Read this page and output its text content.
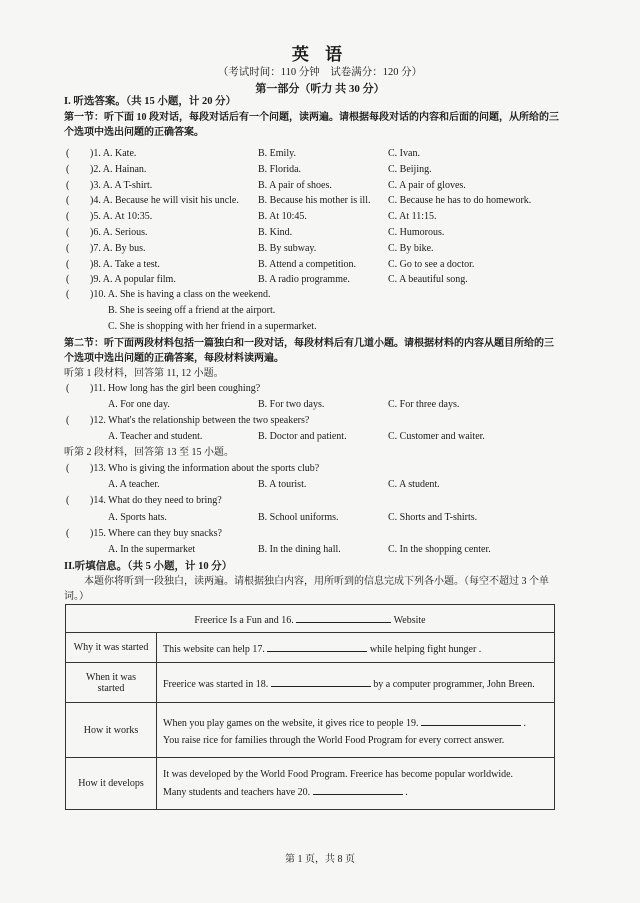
英 语
（考试时间：110 分钟　试卷满分：120 分）
第一部分（听力 共 30 分）
I. 听选答案。（共 15 小题，计 20 分）
第一节：听下面 10 段对话，每段对话后有一个问题，读两遍。请根据每段对话的内容和后面的问题，从所给的三
个选项中选出问题的正确答案。
( )1. A. Kate.	B. Emily.	C. Ivan.
( )2. A. Hainan.	B. Florida.	C. Beijing.
( )3. A. A T-shirt.	B. A pair of shoes.	C. A pair of gloves.
( )4. A. Because he will visit his uncle. B. Because his mother is ill. C. Because he has to do homework.
( )5. A. At 10:35.	B. At 10:45.	C. At 11:15.
( )6. A. Serious.	B. Kind.	C. Humorous.
( )7. A. By bus.	B. By subway.	C. By bike.
( )8. A. Take a test.	B. Attend a competition.	C. Go to see a doctor.
( )9. A. A popular film.	B. A radio programme.	C. A beautiful song.
( )10. A. She is having a class on the weekend.
B. She is seeing off a friend at the airport.
C. She is shopping with her friend in a supermarket.
第二节：听下面两段材料包括一篇独白和一段对话，每段材料后有几道小题。请根据材料的内容从题目所给的三
个选项中选出问题的正确答案，每段材料读两遍。
听第 1 段材料，回答第 11, 12 小题。
( )11. How long has the girl been coughing?
A. For one day.	B. For two days.	C. For three days.
( )12. What's the relationship between the two speakers?
A. Teacher and student.	B. Doctor and patient.	C. Customer and waiter.
听第 2 段材料，回答第 13 至 15 小题。
( )13. Who is giving the information about the sports club?
A. A teacher.	B. A tourist.	C. A student.
( )14. What do they need to bring?
A. Sports hats.	B. School uniforms.	C. Shorts and T-shirts.
( )15. Where can they buy snacks?
A. In the supermarket	B. In the dining hall.	C. In the shopping center.
II.听填信息。（共 5 小题，计 10 分）
本题你将听到一段独白，读两遍。请根据独白内容，用所听到的信息完成下列各小题。（每空不超过 3 个单
词。）
Freerice Is a Fun and 16. Website	
Why it was started	This website can help 17. while helping fight hunger .
When it was started	Freerice was started in 18. by a computer programmer, John Breen.
How it works	When you play games on the website, it gives rice to people 19. .
You raise rice for families through the World Food Program for every correct answer.

How it develops	It was developed by the World Food Program. Freerice has become popular worldwide.
Many students and teachers have 20. .
第 1 页，共 8 页
